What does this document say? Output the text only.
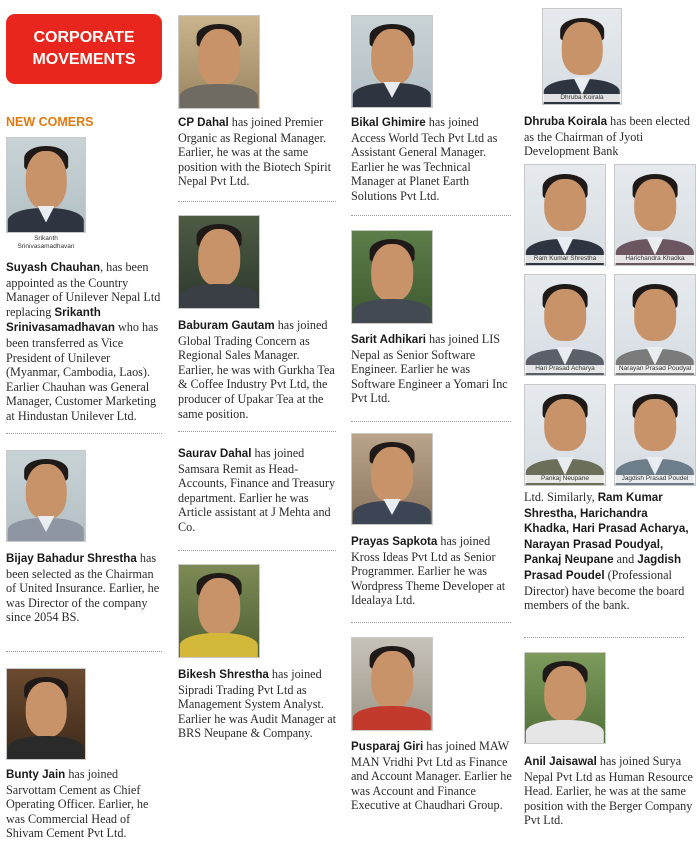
CORPORATE
MOVEMENTS
NEW COMERS
Srikanth Srinivasamadhavan
Suyash Chauhan, has been appointed as the Country Manager of Unilever Nepal Ltd replacing Srikanth Srinivasamadhavan who has been transferred as Vice President of Unilever (Myanmar, Cambodia, Laos). Earlier Chauhan was General Manager, Customer Marketing at Hindustan Unilever Ltd.
Bijay Bahadur Shrestha has been selected as the Chairman of United Insurance. Earlier, he was Director of the company since 2054 BS.
Bunty Jain has joined Sarvottam Cement as Chief Operating Officer. Earlier, he was Commercial Head of Shivam Cement Pvt Ltd.
CP Dahal has joined Premier Organic as Regional Manager. Earlier, he was at the same position with the Biotech Spirit Nepal Pvt Ltd.
Baburam Gautam has joined Global Trading Concern as Regional Sales Manager. Earlier, he was with Gurkha Tea & Coffee Industry Pvt Ltd, the producer of Upakar Tea at the same position.
Saurav Dahal has joined Samsara Remit as Head-Accounts, Finance and Treasury department. Earlier he was Article assistant at J Mehta and Co.
Bikesh Shrestha has joined Sipradi Trading Pvt Ltd as Management System Analyst. Earlier he was Audit Manager at BRS Neupane & Company.
Bikal Ghimire has joined Access World Tech Pvt Ltd as Assistant General Manager. Earlier he was Technical Manager at Planet Earth Solutions Pvt Ltd.
Sarit Adhikari has joined LIS Nepal as Senior Software Engineer. Earlier he was Software Engineer a Yomari Inc Pvt Ltd.
Prayas Sapkota has joined Kross Ideas Pvt Ltd as Senior Programmer. Earlier he was Wordpress Theme Developer at Idealaya Ltd.
Pusparaj Giri has joined MAW MAN Vridhi Pvt Ltd as Finance and Account Manager. Earlier he was Account and Finance Executive at Chaudhari Group.
Dhruba Koirala
Dhruba Koirala has been elected as the Chairman of Jyoti Development Bank
Ram Kumar Shrestha	Harichandra Khadka
Hari Prasad Acharya	Narayan Prasad Poudyal
Pankaj Neupane	Jagdish Prasad Poudel
Ltd. Similarly, Ram Kumar Shrestha, Harichandra Khadka, Hari Prasad Acharya, Narayan Prasad Poudyal, Pankaj Neupane and Jagdish Prasad Poudel (Professional Director) have become the board members of the bank.
Anil Jaisawal has joined Surya Nepal Pvt Ltd as Human Resource Head. Earlier, he was at the same position with the Berger Company Pvt Ltd.
